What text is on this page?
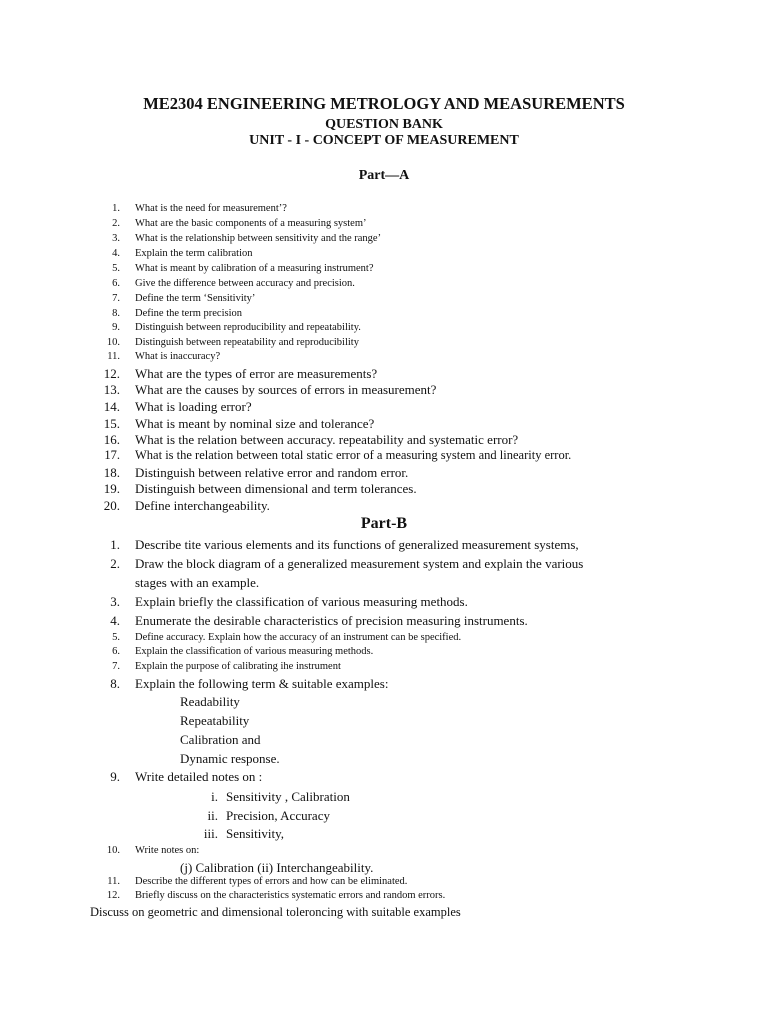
ME2304 ENGINEERING METROLOGY AND MEASUREMENTS
QUESTION BANK
UNIT - I - CONCEPT OF MEASUREMENT
Part—A
1. What is the need for measurement’?
2. What are the basic components of a measuring system’
3. What is the relationship between sensitivity and the range’
4. Explain the term calibration
5. What is meant by calibration of a measuring instrument?
6. Give the difference between accuracy and precision.
7. Define the term ‘Sensitivity’
8. Define the term precision
9. Distinguish between reproducibility and repeatability.
10. Distinguish between repeatability and reproducibility
11. What is inaccuracy?
12. What are the types of error are measurements?
13. What are the causes by sources of errors in measurement?
14. What is loading error?
15. What is meant by nominal size and tolerance?
16. What is the relation between accuracy. repeatability and systematic error?
17. What is the relation between total static error of a measuring system and linearity error.
18. Distinguish between relative error and random error.
19. Distinguish between dimensional and term tolerances.
20. Define interchangeability.
Part-B
1. Describe tite various elements and its functions of generalized measurement systems,
2. Draw the block diagram of a generalized measurement system and explain the various
stages with an example.
3. Explain briefly the classification of various measuring methods.
4. Enumerate the desirable characteristics of precision measuring instruments.
5. Define accuracy. Explain how the accuracy of an instrument can be specified.
6. Explain the classification of various measuring methods.
7. Explain the purpose of calibrating ihe instrument
8. Explain the following term & suitable examples:
Readability
Repeatability
Calibration and
Dynamic response.
9. Write detailed notes on :
i. Sensitivity , Calibration
ii. Precision, Accuracy
iii. Sensitivity,
10. Write notes on:
(j) Calibration (ii) Interchangeability.
11. Describe the different types of errors and how can be eliminated.
12. Briefly discuss on the characteristics systematic errors and random errors.
Discuss on geometric and dimensional toleroncing with suitable examples
